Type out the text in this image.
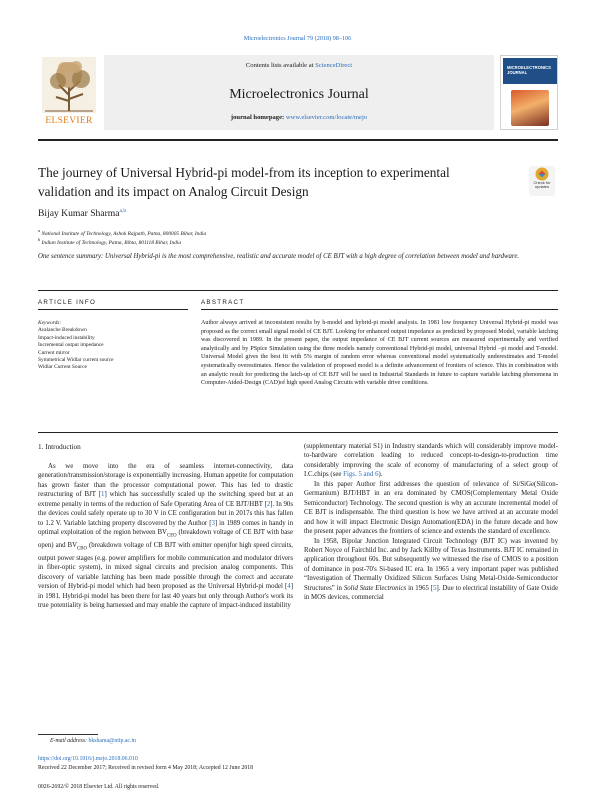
Microelectronics Journal 79 (2018) 98–106
ELSEVIER
Contents lists available at ScienceDirect
Microelectronics Journal
journal homepage: www.elsevier.com/locate/mejo
MICROELECTRONICS JOURNAL
The journey of Universal Hybrid-pi model-from its inception to experimental validation and its impact on Analog Circuit Design
Check for updates
Bijay Kumar Sharma$^{a,b}$
$^a$ National Institute of Technology, Ashok Rajpath, Patna, 800005 Bihar, India
$^b$ Indian Institute of Technology, Patna, Bihta, 801118 Bihar, India
One sentence summary: Universal Hybrid-pi is the most comprehensive, realistic and accurate model of CE BJT with a high degree of correlation between model and hardware.
ARTICLE INFO	ABSTRACT
Keywords:
Avalanche Breakdown
Impact-induced instability
Incremental output impedance
Current mirror
Symmetrical Widlar current source
Widlar Current Source
Author always arrived at inconsistent results by h-model and hybrid-pi model analysis. In 1981 low frequency Universal Hybrid-pi model was proposed as the correct small signal model of CE BJT. Looking for enhanced output impedance as predicted by proposed Model, variable latching was discovered in 1989. In the present paper, the output impedance of CE BJT current sources are measured experimentally and verified analytically and by PSpice Simulation using the three models namely conventional Hybrid-pi model, universal Hybrid –pi model and T-model. Universal Model gives the best fit with 5% margin of random error whereas conventional model systematically underestimates and T-model systematically overestimates. Hence the validation of proposed model is a definite advancement of frontiers of science. This in combination with an analytic result for predicting the latch-up of CE BJT will be used in Industrial Standards in future to capture variable latching phenomena in Computer-Aided-Design (CAD)of high speed Analog Circuits with variable drive conditions.
1. Introduction

As we move into the era of seamless internet-connectivity, data generation/transmission/storage is exponentially increasing. Human appetite for computation has grown faster than the processor computational power. This has led to drastic restructuring of BJT [1] which has successfully scaled up the switching speed but at an extreme penalty in terms of the reduction of Safe Operating Area of CE BJT/HBT [2]. In 90s the devices could safely operate up to 30 V in CE configuration but in 2017s this has fallen to 1.2 V. Variable latching property discovered by the Author [3] in 1989 comes in handy in optimal exploitation of the region between $BV_{CEO}$ (breakdown voltage of CE BJT with base open) and $BV_{CBO}$ (breakdown voltage of CB BJT with emitter open)for high speed circuits, output power stages (e.g. power amplifiers for mobile communication and modulator drivers in fiber-optic system), in mixed signal circuits and precision analog components. This discovery of variable latching has been made possible through the correct and accurate version of Hybrid-pi model which had been proposed as the Universal Hybrid-pi model [4] in 1981. Hybrid-pi model has been there for last 40 years but only through Author's work its true potentiality is being harnessed and may enable the capture of impact-induced instability

(supplementary material S1) in Industry standards which will considerably improve model-to-hardware correlation leading to reduced concept-to-design-to-production time considerably improving the scale of economy of manufacturing of a select group of I.C.chips (see Figs. 5 and 6).

In this paper Author first addresses the question of relevance of Si/SiGe(Silicon-Germanium) BJT/HBT in an era dominated by CMOS(Complementary Metal Oxide Semiconductor) Technology. The second question is why an accurate incremental model of CE BJT is indispensable. The third question is how we have arrived at an accurate model and how it will impact Electronic Design Automation(EDA) in the future decade and how the present paper advances the frontiers of science and extends the standard of excellence.

In 1958, Bipolar Junction Integrated Circuit Technology (BJT IC) was invented by Robert Noyce of Fairchild Inc. and by Jack Killby of Texas Instruments. BJT IC remained in application throughout 60s. But subsequently we witnessed the rise of CMOS to a position of dominance in post-70's Si-based IC era. In 1965 a very important paper was published “Investigation of Thermally Oxidized Silicon Surfaces Using Metal-Oxide-Semiconductor Structures” in Solid State Electronics in 1965 [5]. Due to electrical instability of Gate Oxide in MOS devices, commercial

E-mail address: bkshama@nitp.ac.in
https://doi.org/10.1016/j.mejo.2018.06.010
Received 22 December 2017; Received in revised form 4 May 2018; Accepted 12 June 2018
0026-2692/© 2018 Elsevier Ltd. All rights reserved.
